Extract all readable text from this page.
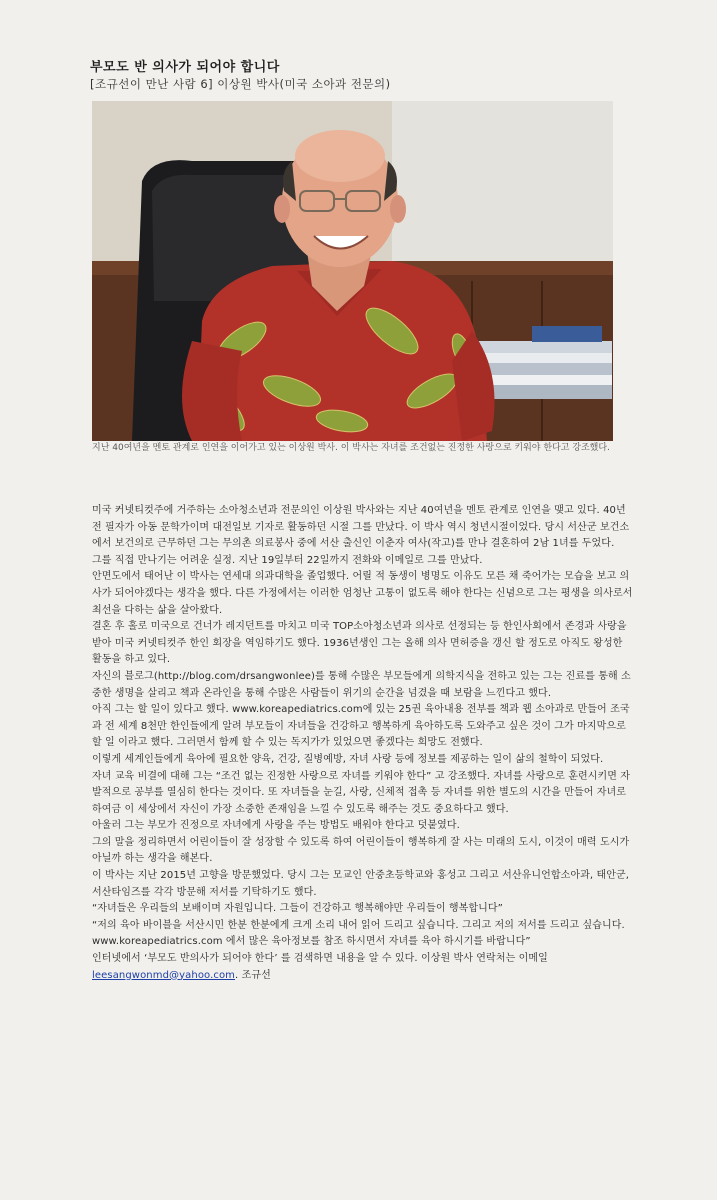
부모도 반 의사가 되어야 합니다
[조규선이 만난 사람 6] 이상원 박사(미국 소아과 전문의)
지난 40여년을 멘토 관계로 인연을 이어가고 있는 이상원 박사. 이 박사는 자녀를 조건없는 진정한 사랑으로 키워야 한다고 강조했다.

미국 커넷티컷주에 거주하는 소아청소년과 전문의인 이상원 박사와는 지난 40여년을 멘토 관계로 인연을 맺고 있다. 40년 전 필자가 아동 문학가이며 대전일보 기자로 활동하던 시절 그를 만났다. 이 박사 역시 청년시절이었다. 당시 서산군 보건소에서 보건의로 근무하던 그는 무의촌 의료봉사 중에 서산 출신인 이춘자 여사(작고)를 만나 결혼하여 2남 1녀를 두었다.

그를 직접 만나기는 어려운 실정. 지난 19일부터 22일까지 전화와 이메일로 그를 만났다.

안면도에서 태어난 이 박사는 연세대 의과대학을 졸업했다. 어릴 적 동생이 병명도 이유도 모른 채 죽어가는 모습을 보고 의사가 되어야겠다는 생각을 했다. 다른 가정에서는 이러한 엄청난 고통이 없도록 해야 한다는 신념으로 그는 평생을 의사로서 최선을 다하는 삶을 살아왔다.

결혼 후 홀로 미국으로 건너가 레지던트를 마치고 미국 TOP소아청소년과 의사로 선정되는 등 한인사회에서 존경과 사랑을 받아 미국 커넷티컷주 한인 회장을 역임하기도 했다. 1936년생인 그는 올해 의사 면허증을 갱신 할 정도로 아직도 왕성한 활동을 하고 있다.

자신의 블로그(http://blog.com/drsangwonlee)를 통해 수많은 부모들에게 의학지식을 전하고 있는 그는 진료를 통해 소중한 생명을 살리고 책과 온라인을 통해 수많은 사람들이 위기의 순간을 넘겼을 때 보람을 느낀다고 했다.

아직 그는 할 일이 있다고 했다. www.koreapediatrics.com에 있는 25권 육아내용 전부를 책과 웹 소아과로 만들어 조국과 전 세계 8천만 한인들에게 알려 부모들이 자녀들을 건강하고 행복하게 육아하도록 도와주고 싶은 것이 그가 마지막으로 할 일 이라고 했다. 그러면서 함께 할 수 있는 독지가가 있었으면 좋겠다는 희망도 전했다.

이렇게 세계인들에게 육아에 필요한 양육, 건강, 질병예방, 자녀 사랑 등에 정보를 제공하는 일이 삶의 철학이 되었다.

자녀 교육 비결에 대해 그는 “조건 없는 진정한 사랑으로 자녀를 키워야 한다” 고 강조했다. 자녀를 사랑으로 훈련시키면 자발적으로 공부를 열심히 한다는 것이다. 또 자녀들을 눈길, 사랑, 신체적 접촉 등 자녀를 위한 별도의 시간을 만들어 자녀로 하여금 이 세상에서 자신이 가장 소중한 존재임을 느낄 수 있도록 해주는 것도 중요하다고 했다.

아울러 그는 부모가 진정으로 자녀에게 사랑을 주는 방법도 배워야 한다고 덧붙였다.

그의 말을 정리하면서 어린이들이 잘 성장할 수 있도록 하여 어린이들이 행복하게 잘 사는 미래의 도시, 이것이 매력 도시가 아닐까 하는 생각을 해본다.

이 박사는 지난 2015년 고향을 방문했었다. 당시 그는 모교인 안중초등학교와 홍성고 그리고 서산유니언합소아과, 태안군, 서산타임즈를 각각 방문해 저서를 기탁하기도 했다.

“자녀들은 우리들의 보배이며 자원입니다. 그들이 건강하고 행복해야만 우리들이 행복합니다”

“저의 육아 바이블을 서산시민 한분 한분에게 크게 소리 내어 읽어 드리고 싶습니다. 그리고 저의 저서를 드리고 싶습니다. www.koreapediatrics.com 에서 많은 육아정보를 참조 하시면서 자녀를 육아 하시기를 바랍니다”

인터넷에서 ‘부모도 반의사가 되어야 한다’ 를 검색하면 내용을 알 수 있다. 이상원 박사 연락처는 이메일 leesangwonmd@yahoo.com. 조규선
